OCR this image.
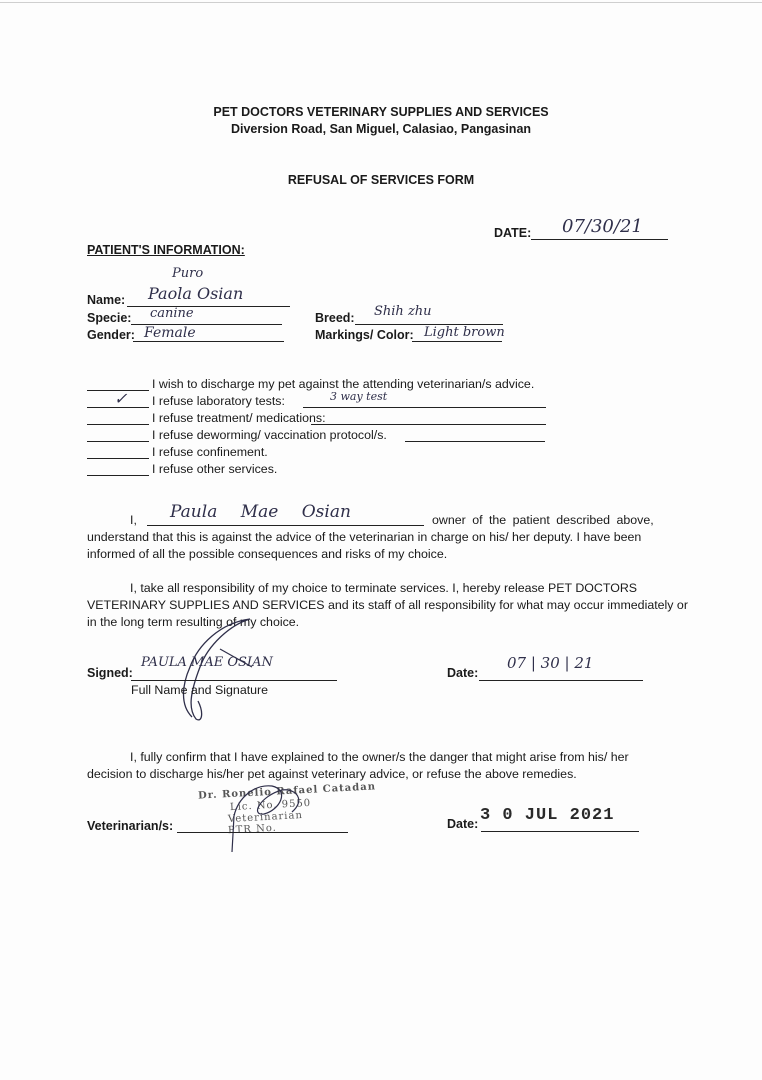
PET DOCTORS VETERINARY SUPPLIES AND SERVICES
Diversion Road, San Miguel, Calasiao, Pangasinan
REFUSAL OF SERVICES FORM
DATE: 07/30/21
PATIENT'S INFORMATION:
Puro
Name: Paola Osian
Specie: canine
Gender: Female
Breed: Shih zhu
Markings/ Color: Light brown
I wish to discharge my pet against the attending veterinarian/s advice.
✓ I refuse laboratory tests:	3 way test
I refuse treatment/ medications:
I refuse deworming/ vaccination protocol/s.
I refuse confinement.
I refuse other services.
I, Paula Mae Osian	owner of the patient described above,
understand that this is against the advice of the veterinarian in charge on his/ her deputy. I have been
informed of all the possible consequences and risks of my choice.
I, take all responsibility of my choice to terminate services. I, hereby release PET DOCTORS
VETERINARY SUPPLIES AND SERVICES and its staff of all responsibility for what may occur immediately or
in the long term resulting of my choice.
Signed:
PAULA MAE OSIAN
Full Name and Signature
Date:
07 | 30 | 21
I, fully confirm that I have explained to the owner/s the danger that might arise from his/ her
decision to discharge his/her pet against veterinary advice, or refuse the above remedies.
Dr. Ronelio Rafael Catadan
Lic. No. 9550
Veterinarian
PTR No.
Veterinarian/s:	Date: 3 0 JUL 2021
